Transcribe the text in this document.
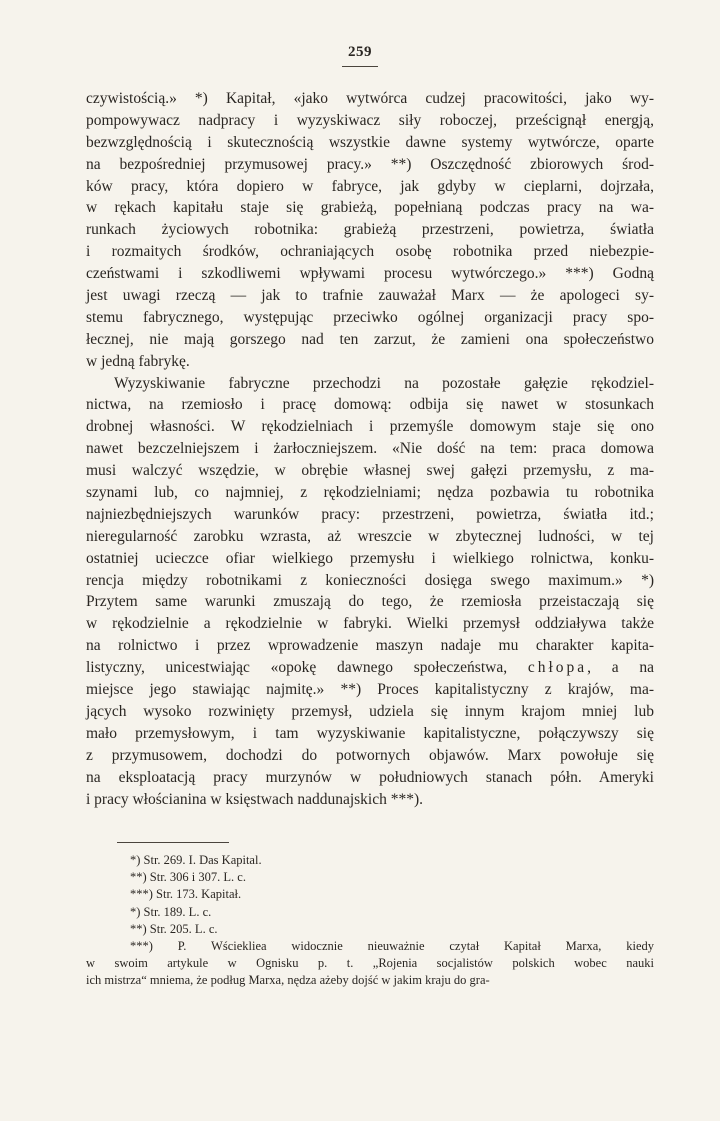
259
czywistością.» *) Kapitał, «jako wytwórca cudzej pracowitości, jako wy-
pompowywacz nadpracy i wyzyskiwacz siły roboczej, prześcignął energją,
bezwzględnością i skutecznością wszystkie dawne systemy wytwórcze, oparte
na bezpośredniej przymusowej pracy.» **) Oszczędność zbiorowych środ-
ków pracy, która dopiero w fabryce, jak gdyby w cieplarni, dojrzała,
w rękach kapitału staje się grabieżą, popełnianą podczas pracy na wa-
runkach życiowych robotnika: grabieżą przestrzeni, powietrza, światła
i rozmaitych środków, ochraniających osobę robotnika przed niebezpie-
czeństwami i szkodliwemi wpływami procesu wytwórczego.» ***) Godną
jest uwagi rzeczą — jak to trafnie zauważał Marx — że apologeci sy-
stemu fabrycznego, występując przeciwko ogólnej organizacji pracy spo-
łecznej, nie mają gorszego nad ten zarzut, że zamieni ona społeczeństwo
w jedną fabrykę.
Wyzyskiwanie fabryczne przechodzi na pozostałe gałęzie rękodziel-
nictwa, na rzemiosło i pracę domową: odbija się nawet w stosunkach
drobnej własności. W rękodzielniach i przemyśle domowym staje się ono
nawet bezczelniejszem i żarłoczniejszem. «Nie dość na tem: praca domowa
musi walczyć wszędzie, w obrębie własnej swej gałęzi przemysłu, z ma-
szynami lub, co najmniej, z rękodzielniami; nędza pozbawia tu robotnika
najniezbędniejszych warunków pracy: przestrzeni, powietrza, światła itd.;
nieregularność zarobku wzrasta, aż wreszcie w zbytecznej ludności, w tej
ostatniej ucieczce ofiar wielkiego przemysłu i wielkiego rolnictwa, konku-
rencja między robotnikami z konieczności dosięga swego maximum.» *)
Przytem same warunki zmuszają do tego, że rzemiosła przeistaczają się
w rękodzielnie a rękodzielnie w fabryki. Wielki przemysł oddziaływa także
na rolnictwo i przez wprowadzenie maszyn nadaje mu charakter kapita-
listyczny, unicestwiając «opokę dawnego społeczeństwa, chłopa, a na
miejsce jego stawiając najmitę.» **) Proces kapitalistyczny z krajów, ma-
jących wysoko rozwinięty przemysł, udziela się innym krajom mniej lub
mało przemysłowym, i tam wyzyskiwanie kapitalistyczne, połączywszy się
z przymusowem, dochodzi do potwornych objawów. Marx powołuje się
na eksploatacją pracy murzynów w południowych stanach półn. Ameryki
i pracy włościanina w księstwach naddunajskich ***).
*) Str. 269. I. Das Kapital.
**) Str. 306 i 307. L. c.
***) Str. 173. Kapitał.
*) Str. 189. L. c.
**) Str. 205. L. c.
***) P. Wściekliea widocznie nieuważnie czytał Kapitał Marxa, kiedy
w swoim artykule w Ognisku p. t. „Rojenia socjalistów polskich wobec nauki
ich mistrza“ mniema, że podług Marxa, nędza ażeby dojść w jakim kraju do gra-
